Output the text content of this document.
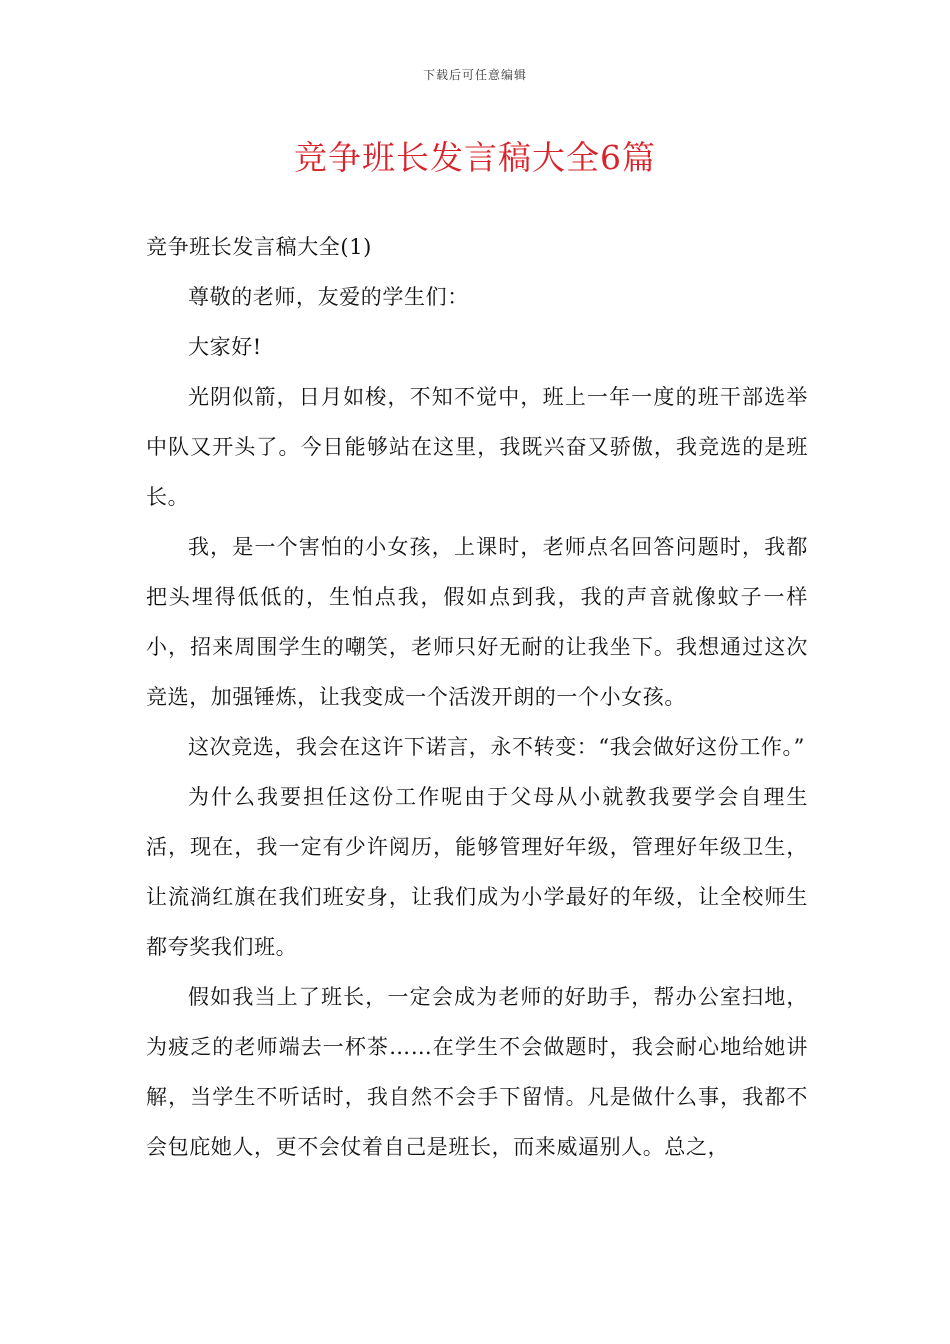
下载后可任意编辑
竞争班长发言稿大全6篇

竞争班长发言稿大全(1)

尊敬的老师，友爱的学生们：

大家好!

光阴似箭，日月如梭，不知不觉中，班上一年一度的班干部选举中队又开头了。今日能够站在这里，我既兴奋又骄傲，我竞选的是班长。

我，是一个害怕的小女孩，上课时，老师点名回答问题时，我都把头埋得低低的，生怕点我，假如点到我，我的声音就像蚊子一样小，招来周围学生的嘲笑，老师只好无耐的让我坐下。我想通过这次竞选，加强锤炼，让我变成一个活泼开朗的一个小女孩。

这次竞选，我会在这许下诺言，永不转变：“我会做好这份工作。”

为什么我要担任这份工作呢由于父母从小就教我要学会自理生活，现在，我一定有少许阅历，能够管理好年级，管理好年级卫生，让流淌红旗在我们班安身，让我们成为小学最好的年级，让全校师生都夸奖我们班。

假如我当上了班长，一定会成为老师的好助手，帮办公室扫地，为疲乏的老师端去一杯茶……在学生不会做题时，我会耐心地给她讲解，当学生不听话时，我自然不会手下留情。凡是做什么事，我都不会包庇她人，更不会仗着自己是班长，而来威逼别人。总之，
